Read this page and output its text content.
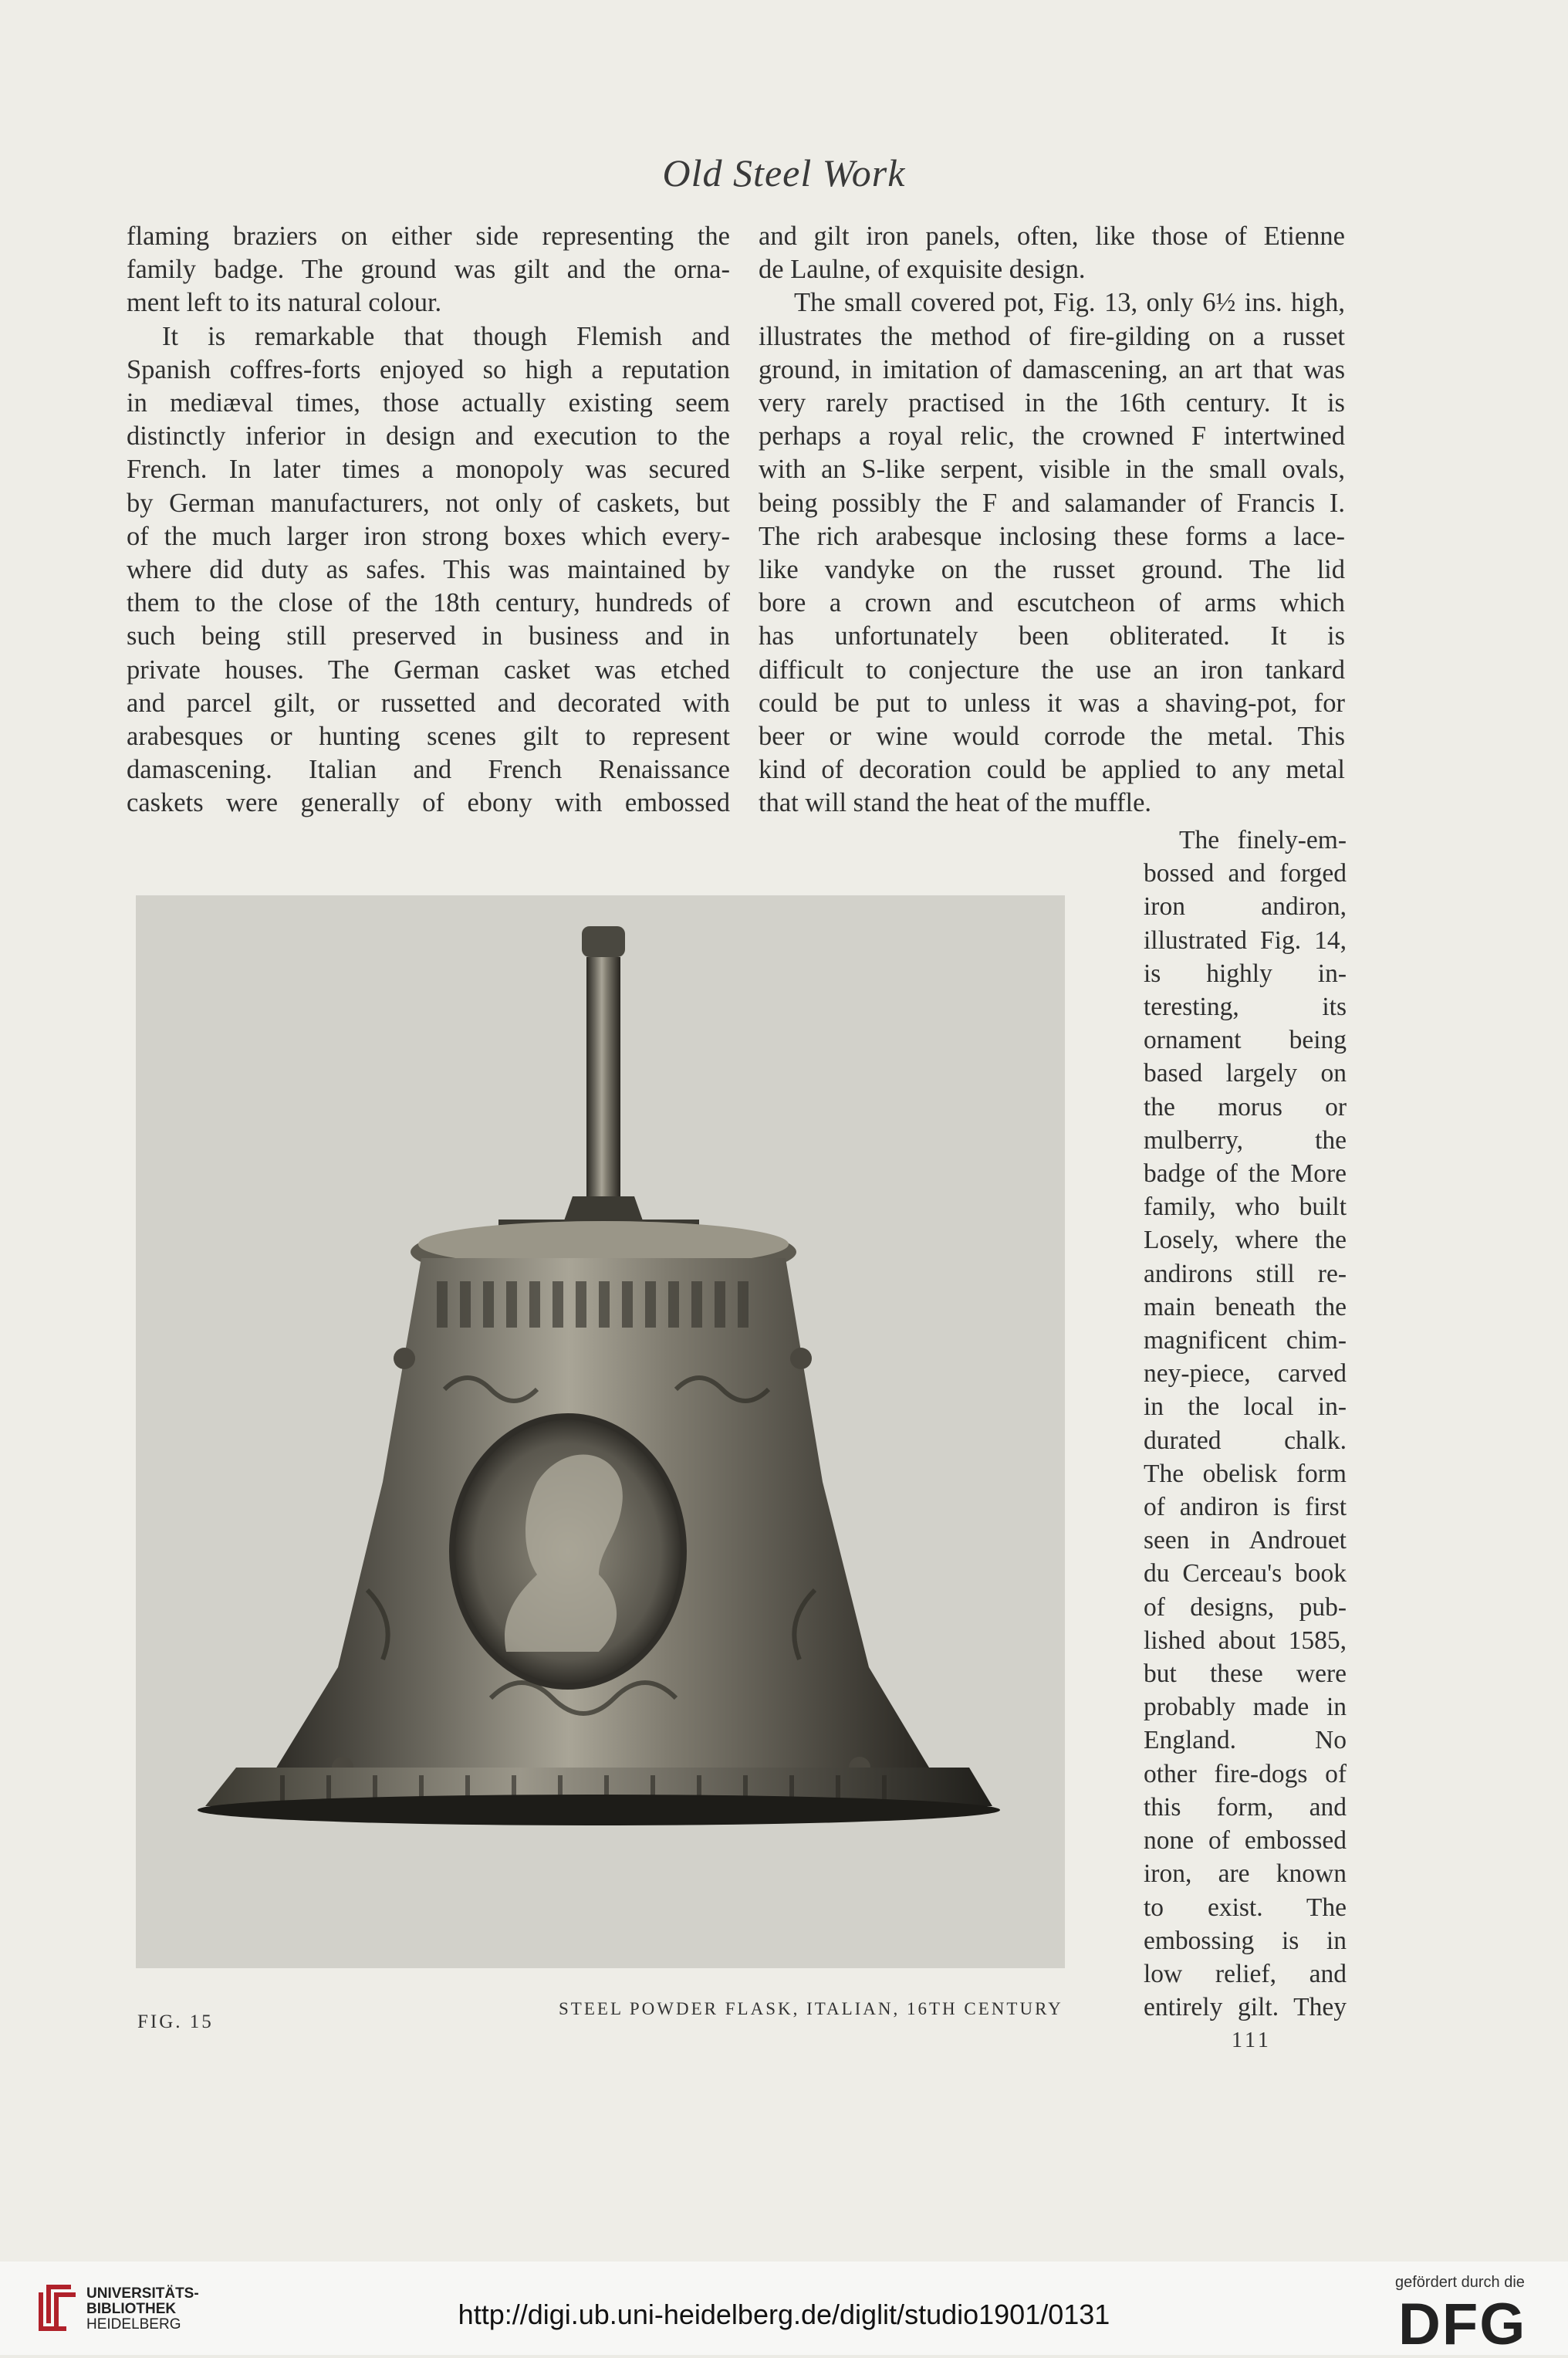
Old Steel Work
flaming braziers on either side representing the
family badge. The ground was gilt and the orna-
ment left to its natural colour.
It is remarkable that though Flemish and
Spanish coffres-forts enjoyed so high a reputation
in mediæval times, those actually existing seem
distinctly inferior in design and execution to the
French. In later times a monopoly was secured
by German manufacturers, not only of caskets, but
of the much larger iron strong boxes which every-
where did duty as safes. This was maintained by
them to the close of the 18th century, hundreds of
such being still preserved in business and in
private houses. The German casket was etched
and parcel gilt, or russetted and decorated with
arabesques or hunting scenes gilt to represent
damascening. Italian and French Renaissance
caskets were generally of ebony with embossed
and gilt iron panels, often, like those of Etienne
de Laulne, of exquisite design.
The small covered pot, Fig. 13, only 6½ ins. high,
illustrates the method of fire-gilding on a russet
ground, in imitation of damascening, an art that was
very rarely practised in the 16th century. It is
perhaps a royal relic, the crowned F intertwined
with an S-like serpent, visible in the small ovals,
being possibly the F and salamander of Francis I.
The rich arabesque inclosing these forms a lace-
like vandyke on the russet ground. The lid
bore a crown and escutcheon of arms which
has unfortunately been obliterated. It is
difficult to conjecture the use an iron tankard
could be put to unless it was a shaving-pot, for
beer or wine would corrode the metal. This
kind of decoration could be applied to any metal
that will stand the heat of the muffle.
The finely-em-
bossed and forged
iron andiron,
illustrated Fig. 14,
is highly in-
teresting, its
ornament being
based largely on
the morus or
mulberry, the
badge of the More
family, who built
Losely, where the
andirons still re-
main beneath the
magnificent chim-
ney-piece, carved
in the local in-
durated chalk.
The obelisk form
of andiron is first
seen in Androuet
du Cerceau's book
of designs, pub-
lished about 1585,
but these were
probably made in
England. No
other fire-dogs of
this form, and
none of embossed
iron, are known
to exist. The
embossing is in
low relief, and
entirely gilt. They
FIG. 15
STEEL POWDER FLASK, ITALIAN, 16TH CENTURY
111
UNIVERSITÄTS-
BIBLIOTHEK
HEIDELBERG	http://digi.ub.uni-heidelberg.de/diglit/studio1901/0131
gefördert durch die
DFG
